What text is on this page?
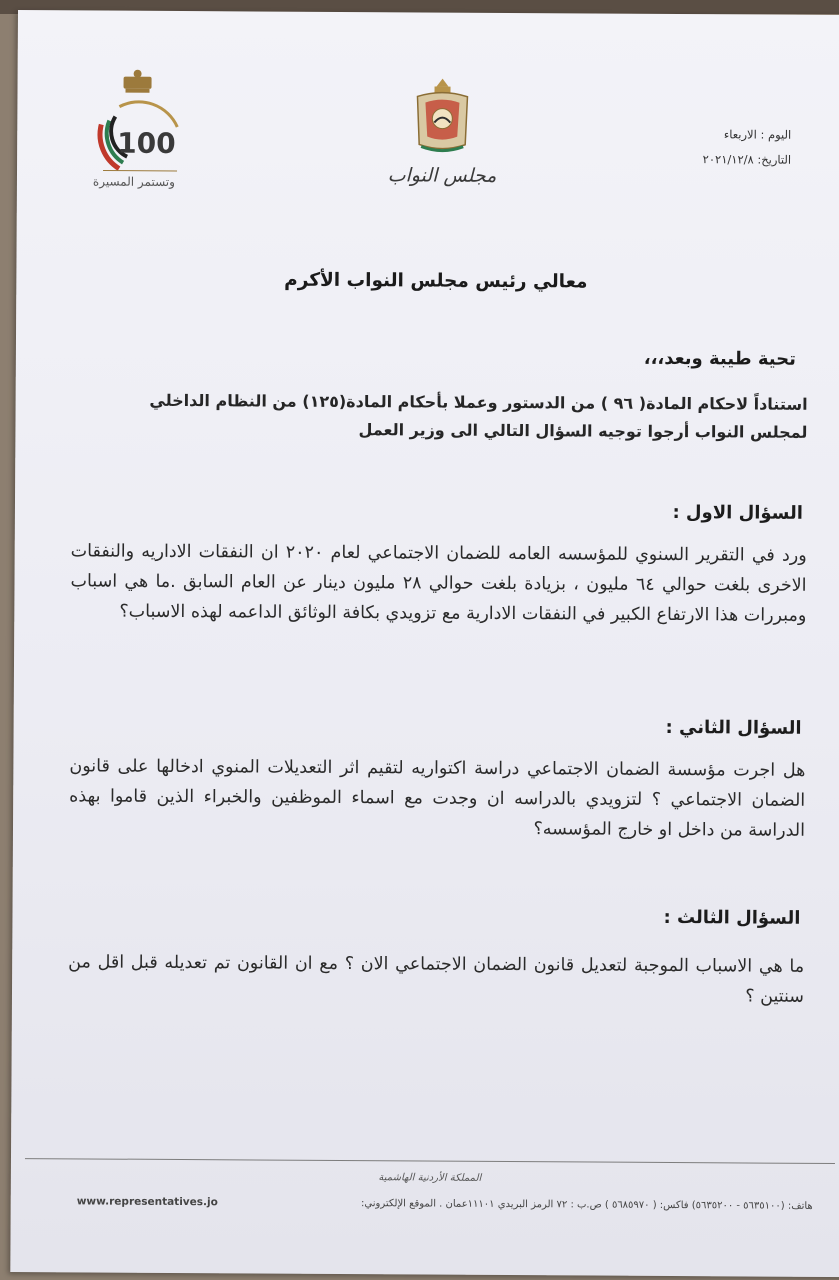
100
وتستمر المسيرة	مجلس النواب
اليوم : الاربعاء
التاريخ: ٢٠٢١/١٢/٨
معالي رئيس مجلس النواب الأكرم
تحية طيبة وبعد،،،
استناداً لاحكام المادة( ٩٦ ) من الدستور وعملا بأحكام المادة(١٢٥) من النظام الداخلي
لمجلس النواب أرجوا توجيه السؤال التالي الى وزير العمل
السؤال الاول :
ورد في التقرير السنوي للمؤسسه العامه للضمان الاجتماعي لعام ٢٠٢٠ ان النفقات الاداريه والنفقات الاخرى بلغت حوالي ٦٤ مليون ، بزيادة بلغت حوالي ٢٨ مليون دينار عن العام السابق .ما هي اسباب ومبررات هذا الارتفاع الكبير في النفقات الادارية مع تزويدي بكافة الوثائق الداعمه لهذه الاسباب؟
السؤال الثاني :
هل اجرت مؤسسة الضمان الاجتماعي دراسة اكتواريه لتقيم اثر التعديلات المنوي ادخالها على قانون الضمان الاجتماعي ؟ لتزويدي بالدراسه ان وجدت مع اسماء الموظفين والخبراء الذين قاموا بهذه الدراسة من داخل او خارج المؤسسه؟
السؤال الثالث :
ما هي الاسباب الموجبة لتعديل قانون الضمان الاجتماعي الان ؟ مع ان القانون تم تعديله قبل اقل من سنتين ؟
المملكة الأردنية الهاشمية
هاتف: (٥٦٣٥١٠٠ - ٥٦٣٥٢٠٠) فاكس: ( ٥٦٨٥٩٧٠ ) ص.ب : ٧٢ الرمز البريدي ١١١٠١عمان . الموقع الإلكتروني:
www.representatives.jo
